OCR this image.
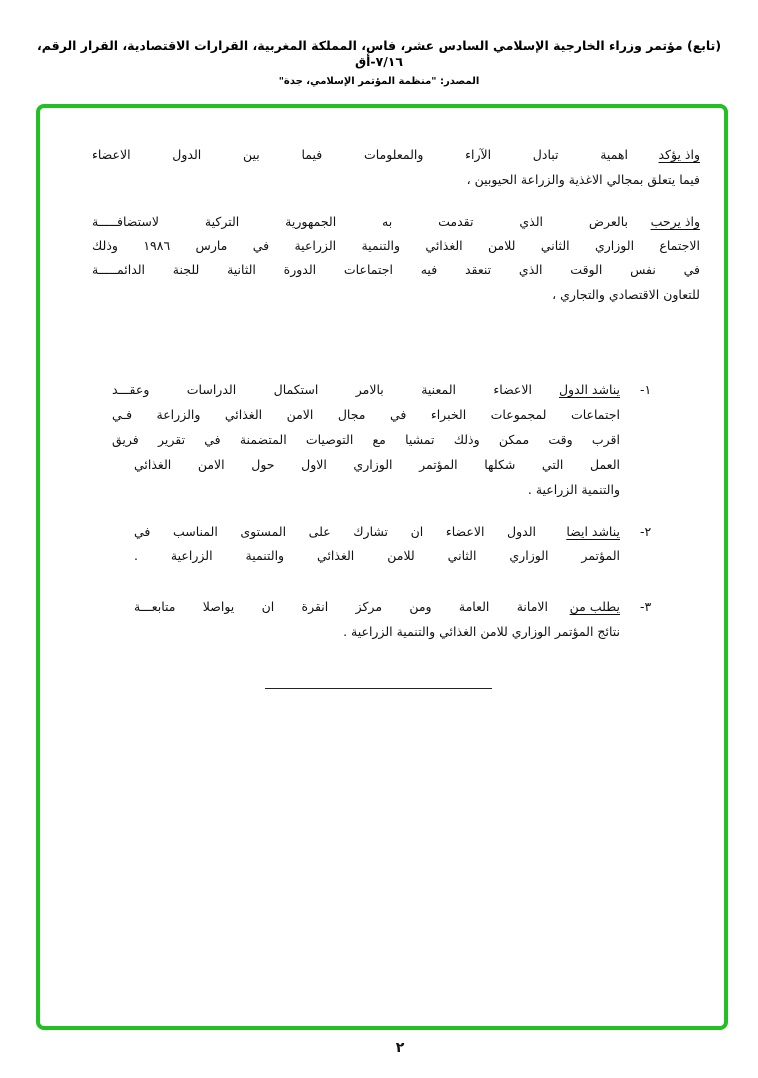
(تابع) مؤتمر وزراء الخارجية الإسلامي السادس عشر، فاس، المملكة المغربية، القرارات الاقتصادية، القرار الرقم، ٧/١٦-أق
المصدر: "منظمة المؤتمر الإسلامي، جدة"
واذ يؤكد
اهمية تبادل الآراء والمعلومات فيما بين الدول الاعضاء
فيما يتعلق بمجالي الاغذية والزراعة الحيوبين ،
واذ يرحب
بالعرض الذي تقدمت به الجمهورية التركية لاستضافـــــة
الاجتماع الوزاري الثاني للامن الغذائي والتنمية الزراعية في مارس ١٩٨٦ وذلك
في نفس الوقت الذي تنعقد فيه اجتماعات الدورة الثانية للجنة الدائمـــــة
للتعاون الاقتصادي والتجاري ،
١-
يناشد الدول
الاعضاء المعنية بالامر استكمال الدراسات وعقـــد
اجتماعات لمجموعات الخبراء في مجال الامن الغذائي والزراعة فـي
اقرب وقت ممكن وذلك تمشيا مع التوصيات المتضمنة في تقرير فريق
العمل التي شكلها المؤتمر الوزاري الاول حول الامن الغذائي
والتنمية الزراعية .
٢-
يناشد ايضا
الدول الاعضاء ان تشارك على المستوى المناسب في
المؤتمر الوزاري الثاني للامن الغذائي والتنمية الزراعية .
٣-
يطلب من
الامانة العامة ومن مركز انقرة ان يواصلا متابعـــة
نتائج المؤتمر الوزاري للامن الغذائي والتنمية الزراعية .
٢
